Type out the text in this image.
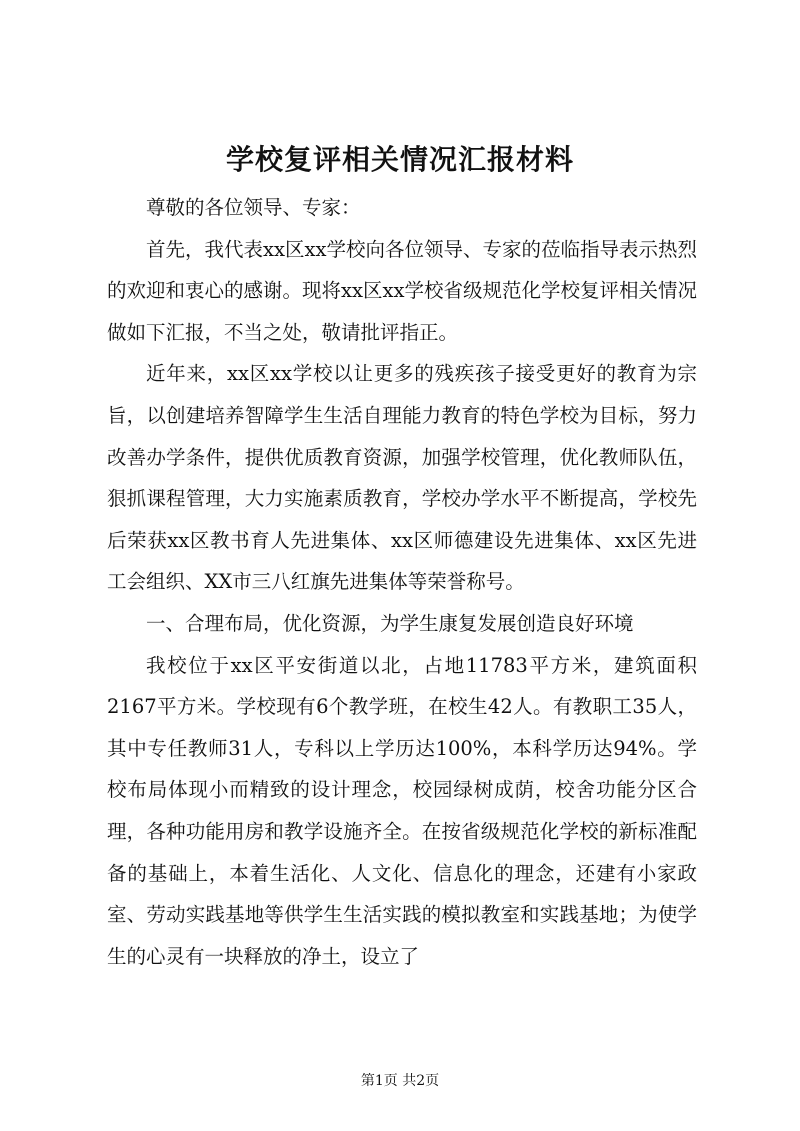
学校复评相关情况汇报材料

尊敬的各位领导、专家：

首先，我代表xx区xx学校向各位领导、专家的莅临指导表示热烈的欢迎和衷心的感谢。现将xx区xx学校省级规范化学校复评相关情况做如下汇报，不当之处，敬请批评指正。

近年来，xx区xx学校以让更多的残疾孩子接受更好的教育为宗旨，以创建培养智障学生生活自理能力教育的特色学校为目标，努力改善办学条件，提供优质教育资源，加强学校管理，优化教师队伍，狠抓课程管理，大力实施素质教育，学校办学水平不断提高，学校先后荣获xx区教书育人先进集体、xx区师德建设先进集体、xx区先进工会组织、XX市三八红旗先进集体等荣誉称号。

一、合理布局，优化资源，为学生康复发展创造良好环境

我校位于xx区平安街道以北，占地11783平方米，建筑面积2167平方米。学校现有6个教学班，在校生42人。有教职工35人，其中专任教师31人，专科以上学历达100%，本科学历达94%。学校布局体现小而精致的设计理念，校园绿树成荫，校舍功能分区合理，各种功能用房和教学设施齐全。在按省级规范化学校的新标准配备的基础上，本着生活化、人文化、信息化的理念，还建有小家政室、劳动实践基地等供学生生活实践的模拟教室和实践基地；为使学生的心灵有一块释放的净土，设立了

第1页 共2页
